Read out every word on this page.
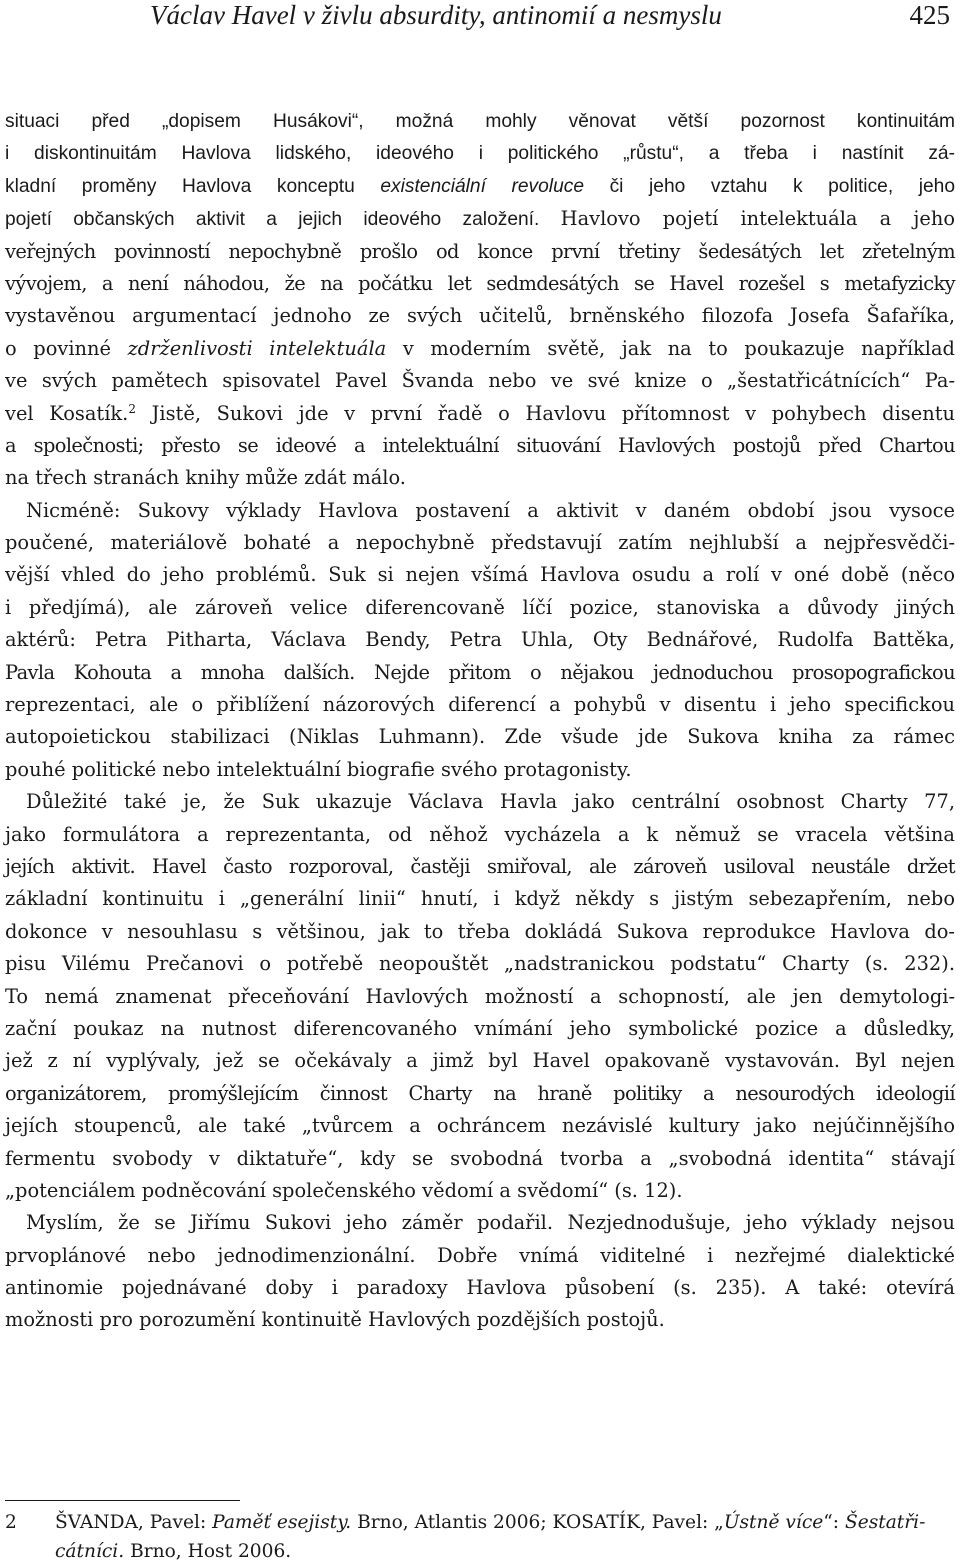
Václav Havel v živlu absurdity, antinomií a nesmyslu	425
situaci před „dopisem Husákovi“, možná mohly věnovat větší pozornost kontinuitám
i diskontinuitám Havlova lidského, ideového i politického „růstu“, a třeba i nastínit zá-
kladní proměny Havlova konceptu existenciální revoluce či jeho vztahu k politice, jeho
pojetí občanských aktivit a jejich ideového založení. Havlovo pojetí intelektuála a jeho
veřejných povinností nepochybně prošlo od konce první třetiny šedesátých let zřetelným
vývojem, a není náhodou, že na počátku let sedmdesátých se Havel rozešel s metafyzicky
vystavěnou argumentací jednoho ze svých učitelů, brněnského filozofa Josefa Šafaříka,
o povinné zdrženlivosti intelektuála v moderním světě, jak na to poukazuje například
ve svých pamětech spisovatel Pavel Švanda nebo ve své knize o „šestatřicátnících“ Pa-
vel Kosatík.$^2$ Jistě, Sukovi jde v první řadě o Havlovu přítomnost v pohybech disentu
a společnosti; přesto se ideové a intelektuální situování Havlových postojů před Chartou
na třech stranách knihy může zdát málo.
Nicméně: Sukovy výklady Havlova postavení a aktivit v daném období jsou vysoce
poučené, materiálově bohaté a nepochybně představují zatím nejhlubší a nejpřesvědči-
vější vhled do jeho problémů. Suk si nejen všímá Havlova osudu a rolí v oné době (něco
i předjímá), ale zároveň velice diferencovaně líčí pozice, stanoviska a důvody jiných
aktérů: Petra Pitharta, Václava Bendy, Petra Uhla, Oty Bednářové, Rudolfa Battěka,
Pavla Kohouta a mnoha dalších. Nejde přitom o nějakou jednoduchou prosopografickou
reprezentaci, ale o přiblížení názorových diferencí a pohybů v disentu i jeho specifickou
autopoietickou stabilizaci (Niklas Luhmann). Zde všude jde Sukova kniha za rámec
pouhé politické nebo intelektuální biografie svého protagonisty.
Důležité také je, že Suk ukazuje Václava Havla jako centrální osobnost Charty 77,
jako formulátora a reprezentanta, od něhož vycházela a k němuž se vracela většina
jejích aktivit. Havel často rozporoval, častěji smiřoval, ale zároveň usiloval neustále držet
základní kontinuitu i „generální linii“ hnutí, i když někdy s jistým sebezapřením, nebo
dokonce v nesouhlasu s většinou, jak to třeba dokládá Sukova reprodukce Havlova do-
pisu Vilému Prečanovi o potřebě neopouštět „nadstranickou podstatu“ Charty (s. 232).
To nemá znamenat přeceňování Havlových možností a schopností, ale jen demytologi-
zační poukaz na nutnost diferencovaného vnímání jeho symbolické pozice a důsledky,
jež z ní vyplývaly, jež se očekávaly a jimž byl Havel opakovaně vystavován. Byl nejen
organizátorem, promýšlejícím činnost Charty na hraně politiky a nesourodých ideologií
jejích stoupenců, ale také „tvůrcem a ochráncem nezávislé kultury jako nejúčinnějšího
fermentu svobody v diktatuře“, kdy se svobodná tvorba a „svobodná identita“ stávají
„potenciálem podněcování společenského vědomí a svědomí“ (s. 12).
Myslím, že se Jiřímu Sukovi jeho záměr podařil. Nezjednodušuje, jeho výklady nejsou
prvoplánové nebo jednodimenzionální. Dobře vnímá viditelné i nezřejmé dialektické
antinomie pojednávané doby i paradoxy Havlova působení (s. 235). A také: otevírá
možnosti pro porozumění kontinuitě Havlových pozdějších postojů.
2 ŠVANDA, Pavel: Paměť esejisty. Brno, Atlantis 2006; KOSATÍK, Pavel: „Ústně více“: Šestatři-
cátníci. Brno, Host 2006.
